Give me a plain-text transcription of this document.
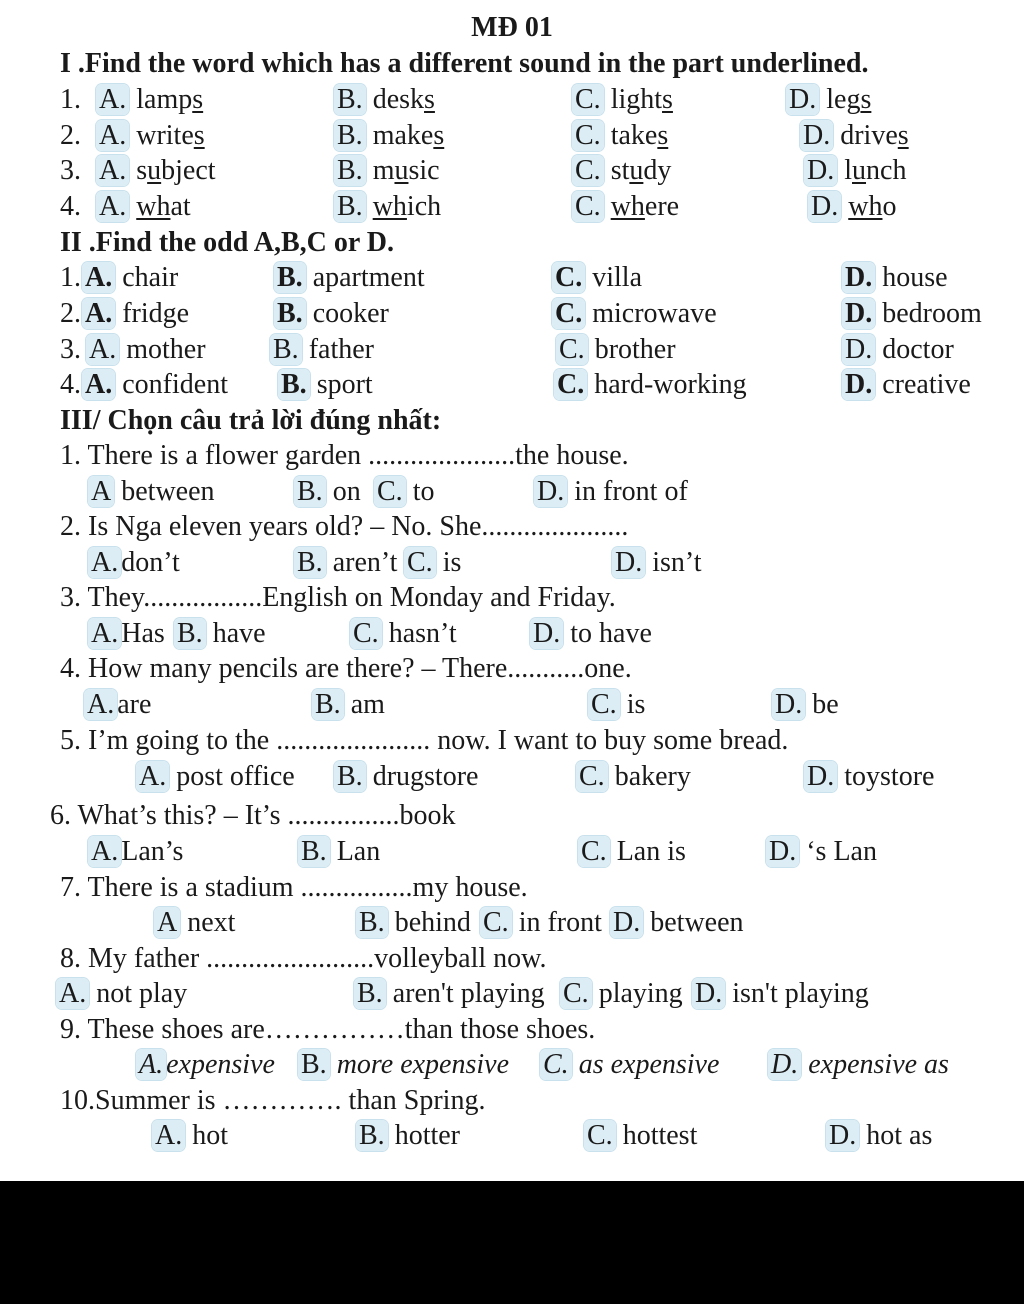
MĐ 01
I .Find the word which has a different sound in the part underlined.
1. A. lamps	B. desks	C. lights	D. legs
2. A. writes	B. makes	C. takes	D. drives
3. A. subject	B. music	C. study	D. lunch
4. A. what	B. which	C. where	D. who
II .Find the odd A,B,C or D.
1. A. chair	B. apartment	C. villa	D. house
2. A. fridge	B. cooker	C. microwave	D. bedroom
3. A. mother B. father	C. brother	D. doctor
4. A. confident B. sport	C. hard-working	D. creative
III/ Chọn câu trả lời đúng nhất:
1. There is a flower garden .....................the house.
A between	B. on C. to	D. in front of
2. Is Nga eleven years old? – No. She.....................
A. don’t	B. aren’t C. is	D. isn’t
3. They.................English on Monday and Friday.
A. Has B. have	C. hasn’t	D. to have
4. How many pencils are there? – There...........one.
A. are	B. am	C. is	D. be
5. I’m going to the ...................... now. I want to buy some bread.
A. post office B. drugstore	C. bakery	D. toystore
6. What’s this? – It’s ................book
A. Lan’s	B. Lan	C. Lan is	D. ‘s Lan
7. There is a stadium ................my house.
A next	B. behind C. in front D. between
8. My father ........................volleyball now.
A. not play	B. aren't playing C. playing D. isn't playing
9. These shoes are……………than those shoes.
A. expensive B. more expensive C. as expensive D. expensive as
10.Summer is …………. than Spring.
A. hot	B. hotter	C. hottest	D. hot as
